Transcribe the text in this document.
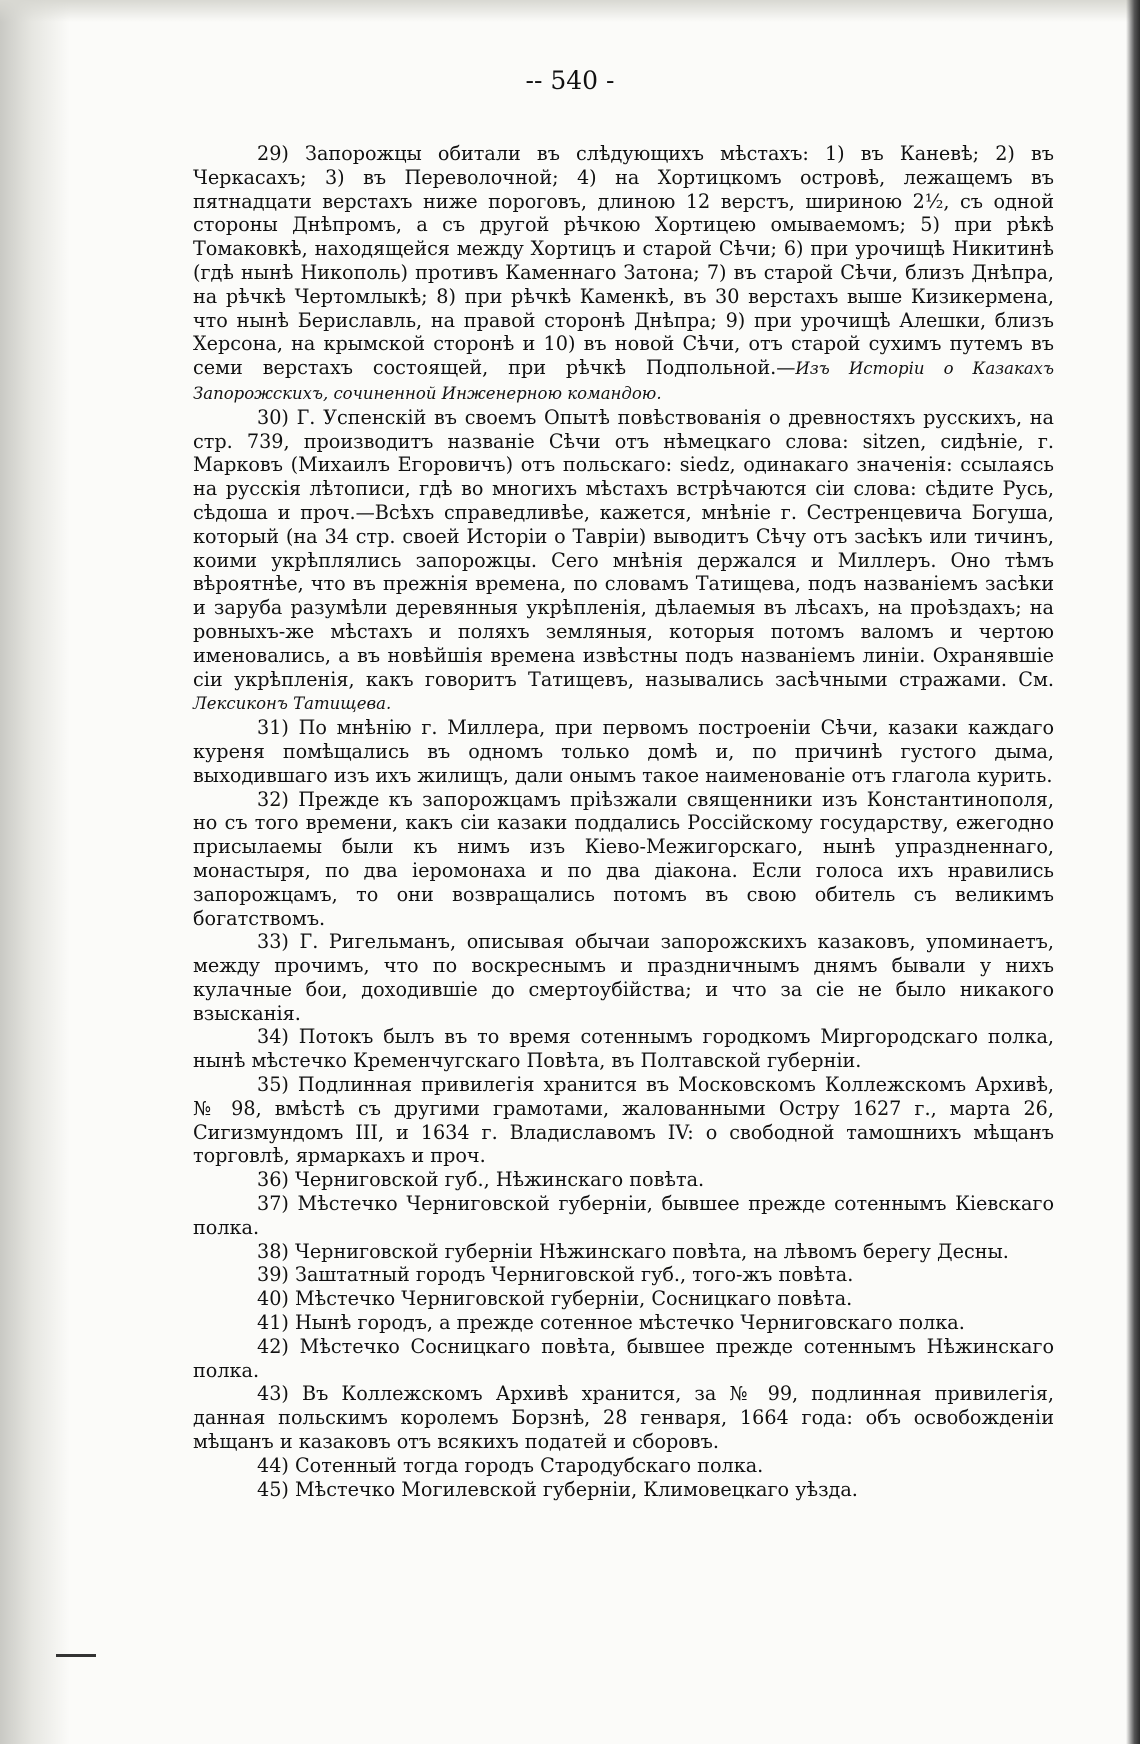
-- 540 -

29) Запорожцы обитали въ слѣдующихъ мѣстахъ: 1) въ Каневѣ; 2) въ Черкасахъ; 3) въ Переволочной; 4) на Хортицкомъ островѣ, лежащемъ въ пятнадцати верстахъ ниже пороговъ, длиною 12 верстъ, шириною 2½, съ одной стороны Днѣпромъ, а съ другой рѣчкою Хортицею омываемомъ; 5) при рѣкѣ Томаковкѣ, находящейся между Хортицъ и старой Сѣчи; 6) при урочищѣ Никитинѣ (гдѣ нынѣ Никополь) противъ Каменнаго Затона; 7) въ старой Сѣчи, близъ Днѣпра, на рѣчкѣ Чертомлыкѣ; 8) при рѣчкѣ Каменкѣ, въ 30 верстахъ выше Кизикермена, что нынѣ Бериславль, на правой сторонѣ Днѣпра; 9) при урочищѣ Алешки, близъ Херсона, на крымской сторонѣ и 10) въ новой Сѣчи, отъ старой сухимъ путемъ въ семи верстахъ состоящей, при рѣчкѣ Подпольной.—Изъ Исторіи о Казакахъ Запорожскихъ, сочиненной Инженерною командою.

30) Г. Успенскій въ своемъ Опытѣ повѣствованія о древностяхъ русскихъ, на стр. 739, производитъ названіе Сѣчи отъ нѣмецкаго слова: sitzen, сидѣніе, г. Марковъ (Михаилъ Егоровичъ) отъ польскаго: siedz, одинакаго значенія: ссылаясь на русскія лѣтописи, гдѣ во многихъ мѣстахъ встрѣчаются сіи слова: сѣдите Русь, сѣдоша и проч.—Всѣхъ справедливѣе, кажется, мнѣніе г. Сестренцевича Богуша, который (на 34 стр. своей Исторіи о Тавріи) выводитъ Сѣчу отъ засѣкъ или тичинъ, коими укрѣплялись запорожцы. Сего мнѣнія держался и Миллеръ. Оно тѣмъ вѣроятнѣе, что въ прежнія времена, по словамъ Татищева, подъ названіемъ засѣки и заруба разумѣли деревянныя укрѣпленія, дѣлаемыя въ лѣсахъ, на проѣздахъ; на ровныхъ-же мѣстахъ и поляхъ земляныя, которыя потомъ валомъ и чертою именовались, а въ новѣйшія времена извѣстны подъ названіемъ линіи. Охранявшіе сіи укрѣпленія, какъ говоритъ Татищевъ, назывались засѣчными стражами. См. Лексиконъ Татищева.

31) По мнѣнію г. Миллера, при первомъ построеніи Сѣчи, казаки каждаго куреня помѣщались въ одномъ только домѣ и, по причинѣ густого дыма, выходившаго изъ ихъ жилищъ, дали онымъ такое наименованіе отъ глагола курить.

32) Прежде къ запорожцамъ пріѣзжали священники изъ Константинополя, но съ того времени, какъ сіи казаки поддались Россійскому государству, ежегодно присылаемы были къ нимъ изъ Кіево-Межигорскаго, нынѣ упраздненнаго, монастыря, по два іеромонаха и по два діакона. Если голоса ихъ нравились запорожцамъ, то они возвращались потомъ въ свою обитель съ великимъ богатствомъ.

33) Г. Ригельманъ, описывая обычаи запорожскихъ казаковъ, упоминаетъ, между прочимъ, что по воскреснымъ и праздничнымъ днямъ бывали у нихъ кулачные бои, доходившіе до смертоубійства; и что за сіе не было никакого взысканія.

34) Потокъ былъ въ то время сотеннымъ городкомъ Миргородскаго полка, нынѣ мѣстечко Кременчугскаго Повѣта, въ Полтавской губерніи.

35) Подлинная привилегія хранится въ Московскомъ Коллежскомъ Архивѣ, № 98, вмѣстѣ съ другими грамотами, жалованными Остру 1627 г., марта 26, Сигизмундомъ III, и 1634 г. Владиславомъ IV: о свободной тамошнихъ мѣщанъ торговлѣ, ярмаркахъ и проч.

36) Черниговской губ., Нѣжинскаго повѣта.

37) Мѣстечко Черниговской губерніи, бывшее прежде сотеннымъ Кіевскаго полка.

38) Черниговской губерніи Нѣжинскаго повѣта, на лѣвомъ берегу Десны.

39) Заштатный городъ Черниговской губ., того-жъ повѣта.

40) Мѣстечко Черниговской губерніи, Сосницкаго повѣта.

41) Нынѣ городъ, а прежде сотенное мѣстечко Черниговскаго полка.

42) Мѣстечко Сосницкаго повѣта, бывшее прежде сотеннымъ Нѣжинскаго полка.

43) Въ Коллежскомъ Архивѣ хранится, за № 99, подлинная привилегія, данная польскимъ королемъ Борзнѣ, 28 генваря, 1664 года: объ освобожденіи мѣщанъ и казаковъ отъ всякихъ податей и сборовъ.

44) Сотенный тогда городъ Стародубскаго полка.

45) Мѣстечко Могилевской губерніи, Климовецкаго уѣзда.
